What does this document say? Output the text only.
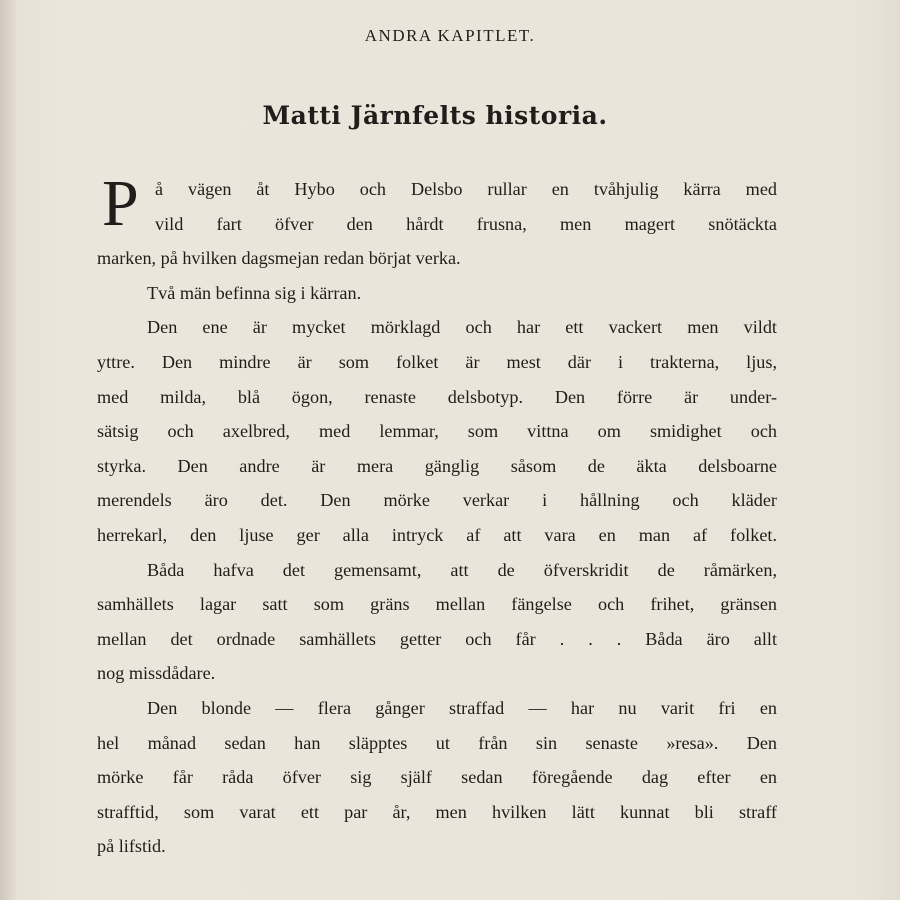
ANDRA KAPITLET.
Matti Järnfelts historia.
P å vägen åt Hybo och Delsbo rullar en tvåhjulig kärra med
vild fart öfver den hårdt frusna, men magert snötäckta
marken, på hvilken dagsmejan redan börjat verka.
Två män befinna sig i kärran.
Den ene är mycket mörklagd och har ett vackert men vildt
yttre. Den mindre är som folket är mest där i trakterna, ljus,
med milda, blå ögon, renaste delsbotyp. Den förre är under-
sätsig och axelbred, med lemmar, som vittna om smidighet och
styrka. Den andre är mera gänglig såsom de äkta delsboarne
merendels äro det. Den mörke verkar i hållning och kläder
herrekarl, den ljuse ger alla intryck af att vara en man af folket.
Båda hafva det gemensamt, att de öfverskridit de råmärken,
samhällets lagar satt som gräns mellan fängelse och frihet, gränsen
mellan det ordnade samhällets getter och får . . . Båda äro allt
nog missdådare.
Den blonde — flera gånger straffad — har nu varit fri en
hel månad sedan han släpptes ut från sin senaste »resa». Den
mörke får råda öfver sig själf sedan föregående dag efter en
strafftid, som varat ett par år, men hvilken lätt kunnat bli straff
på lifstid.
